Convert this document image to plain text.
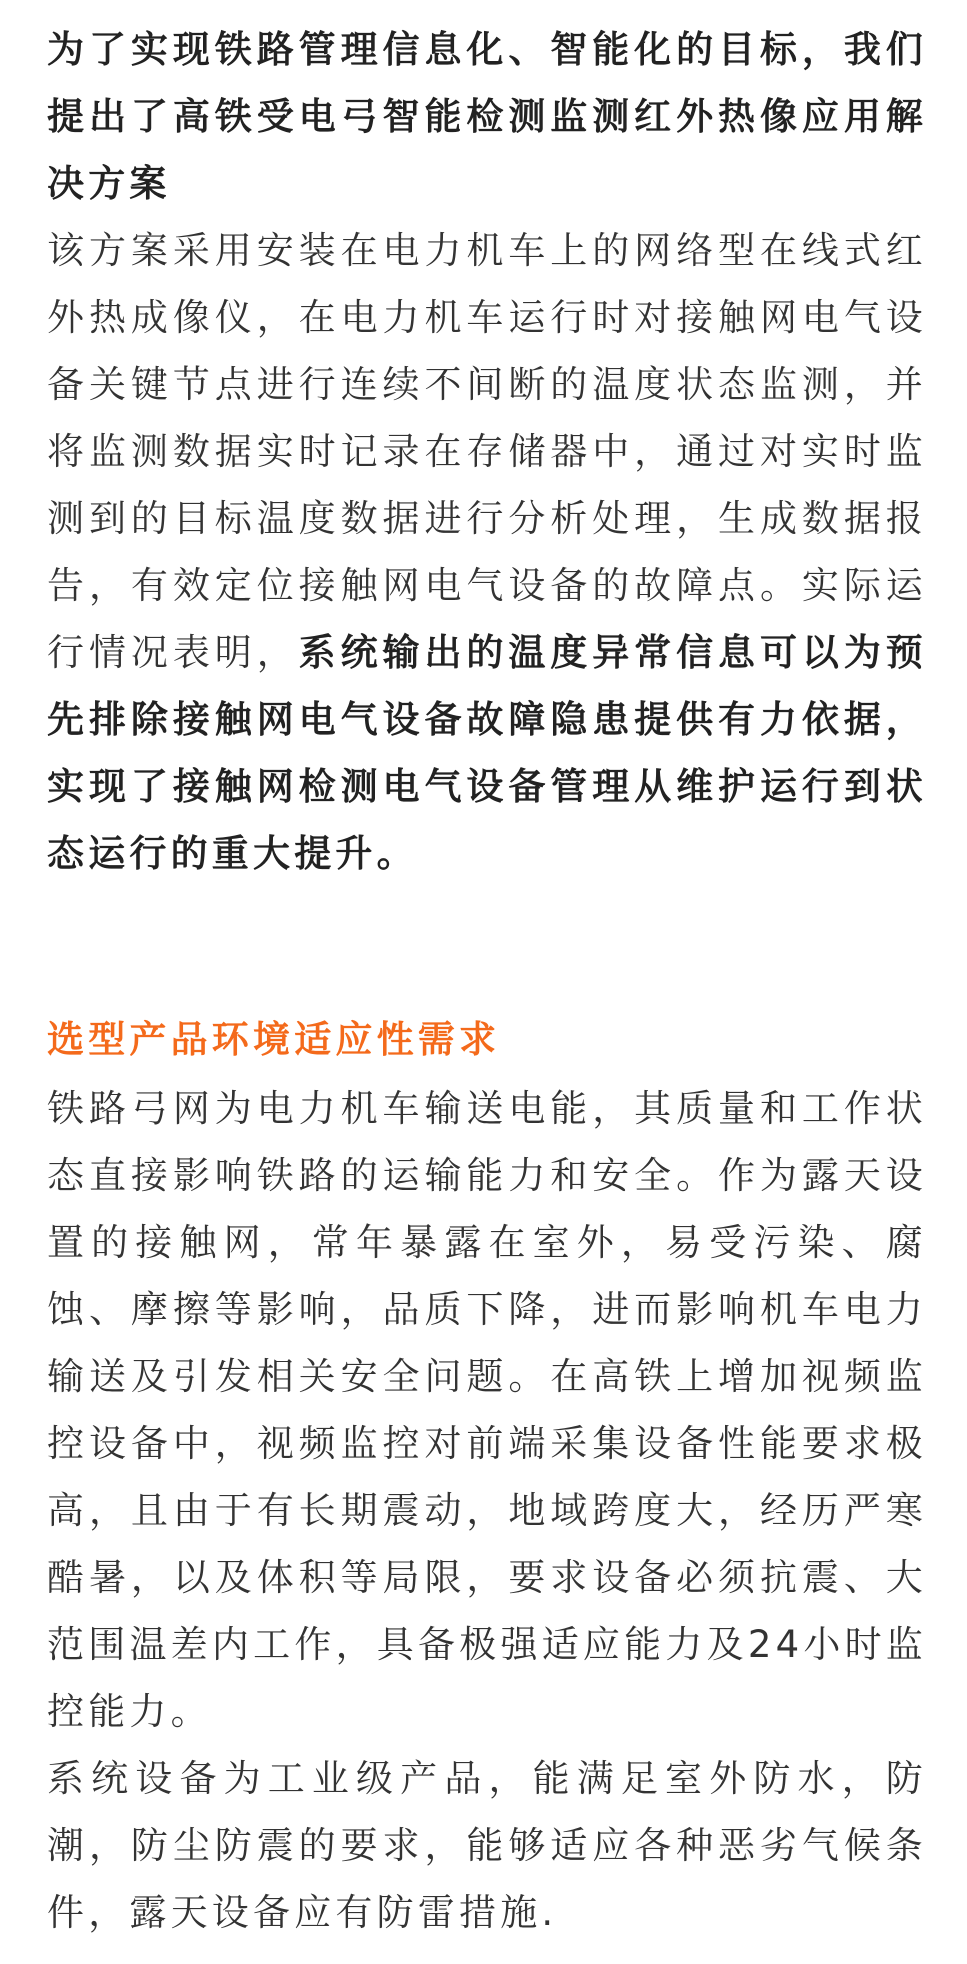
为了实现铁路管理信息化、智能化的目标，我们提出了高铁受电弓智能检测监测红外热像应用解决方案

该方案采用安装在电力机车上的网络型在线式红外热成像仪，在电力机车运行时对接触网电气设备关键节点进行连续不间断的温度状态监测，并将监测数据实时记录在存储器中，通过对实时监测到的目标温度数据进行分析处理，生成数据报告，有效定位接触网电气设备的故障点。实际运行情况表明，系统输出的温度异常信息可以为预先排除接触网电气设备故障隐患提供有力依据，实现了接触网检测电气设备管理从维护运行到状态运行的重大提升。

选型产品环境适应性需求

铁路弓网为电力机车输送电能，其质量和工作状态直接影响铁路的运输能力和安全。作为露天设置的接触网，常年暴露在室外，易受污染、腐蚀、摩擦等影响，品质下降，进而影响机车电力输送及引发相关安全问题。在高铁上增加视频监控设备中，视频监控对前端采集设备性能要求极高，且由于有长期震动，地域跨度大，经历严寒酷暑，以及体积等局限，要求设备必须抗震、大范围温差内工作，具备极强适应能力及24小时监控能力。

系统设备为工业级产品，能满足室外防水，防潮，防尘防震的要求，能够适应各种恶劣气候条件，露天设备应有防雷措施.
